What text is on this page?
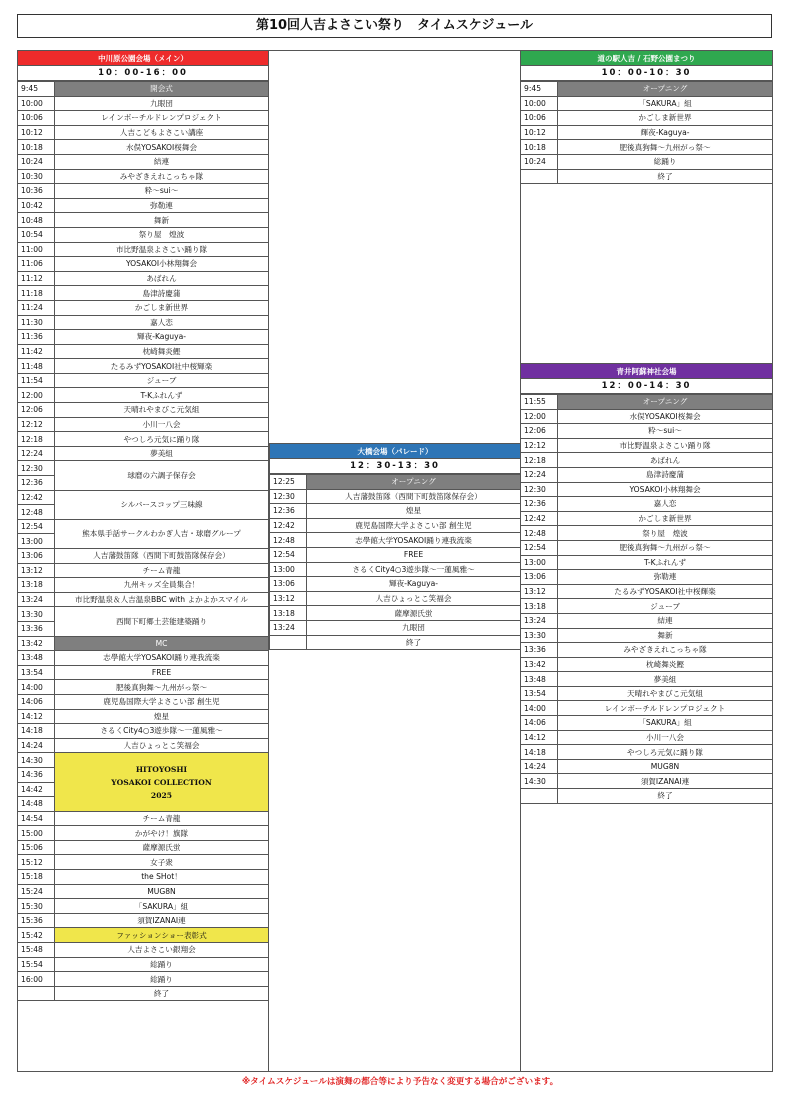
第10回人吉よさこい祭り　タイムスケジュール
中川原公園会場（メイン）
10：00-16：00
9:45	開会式
10:00	九眼団
10:06	レインボーチルドレンプロジェクト
10:12	人吉こどもよさこい講座
10:18	水俣YOSAKOI桜舞会
10:24	結連
10:30	みやざきえれこっちゃ隊
10:36	粋～sui～
10:42	弥勒連
10:48	舞新
10:54	祭り屋　煌波
11:00	市比野温泉よさこい踊り隊
11:06	YOSAKOI小林翔舞会
11:12	あばれん
11:18	島津詩慶蒲
11:24	かごしま新世界
11:30	嘉人恋
11:36	輝夜-Kaguya-
11:42	枕崎舞炎鰹
11:48	たるみずYOSAKOI社中桜輝楽
11:54	ジューブ
12:00	T-Kふれんず
12:06	天晴れやまびこ元気組
12:12	小川一八会
12:18	やつしろ元気に踊り隊
12:24	夢美組
12:30	球磨の六調子保存会
12:36	
12:42	シルバースコップ三味線
12:48	
12:54	熊本県手話サークルわかぎ人吉・球磨グループ
13:00	
13:06	人吉藩鼓笛隊（西間下町鼓笛隊保存会）
13:12	チーム青龍
13:18	九州キッズ全員集合！
13:24	市比野温泉＆人吉温泉BBC with よかよかスマイル
13:30	西間下町郷土芸能建築踊り
13:36	
13:42	MC
13:48	志學館大学YOSAKOI踊り連我流楽
13:54	FREE
14:00	肥後真狗舞～九州がっ祭～
14:06	鹿児島国際大学よさこい部 創生児
14:12	煌星
14:18	さるくCity4○3遊歩隊～一蓮風雅～
14:24	人吉ひょっとこ笑福会
14:30	HITOYOSHI
YOSAKOI COLLECTION
2025
14:36	
14:42	
14:48	
14:54	チーム青龍
15:00	かがやけ！旗隊
15:06	薩摩源氏蛍
15:12	女子衆
15:18	the SHot！
15:24	MUG8N
15:30	「SAKURA」組
15:36	須賀IZANAI連
15:42	ファッションショー表彰式
15:48	人吉よさこい銀翔会
15:54	総踊り
16:00	総踊り
	終了
大橋会場（パレード）
12：30-13：30
12:25	オープニング
12:30	人吉藩鼓笛隊（西間下町鼓笛隊保存会）
12:36	煌星
12:42	鹿児島国際大学よさこい部 創生児
12:48	志學館大学YOSAKOI踊り連我流楽
12:54	FREE
13:00	さるくCity4○3遊歩隊～一蓮風雅～
13:06	輝夜-Kaguya-
13:12	人吉ひょっとこ笑福会
13:18	薩摩源氏蛍
13:24	九眼団
	終了
道の駅人吉 / 石野公園まつり
10：00-10：30
9:45	オープニング
10:00	「SAKURA」組
10:06	かごしま新世界
10:12	輝夜-Kaguya-
10:18	肥後真狗舞～九州がっ祭～
10:24	総踊り
	終了
青井阿蘇神社会場
12：00-14：30
11:55	オープニング
12:00	水俣YOSAKOI桜舞会
12:06	粋～sui～
12:12	市比野温泉よさこい踊り隊
12:18	あばれん
12:24	島津詩慶蒲
12:30	YOSAKOI小林翔舞会
12:36	嘉人恋
12:42	かごしま新世界
12:48	祭り屋　煌波
12:54	肥後真狗舞～九州がっ祭～
13:00	T-Kふれんず
13:06	弥勒連
13:12	たるみずYOSAKOI社中桜輝楽
13:18	ジューブ
13:24	結連
13:30	舞新
13:36	みやざきえれこっちゃ隊
13:42	枕崎舞炎鰹
13:48	夢美組
13:54	天晴れやまびこ元気組
14:00	レインボーチルドレンプロジェクト
14:06	「SAKURA」組
14:12	小川一八会
14:18	やつしろ元気に踊り隊
14:24	MUG8N
14:30	須賀IZANAI連
	終了
※タイムスケジュールは演舞の都合等により予告なく変更する場合がございます。
